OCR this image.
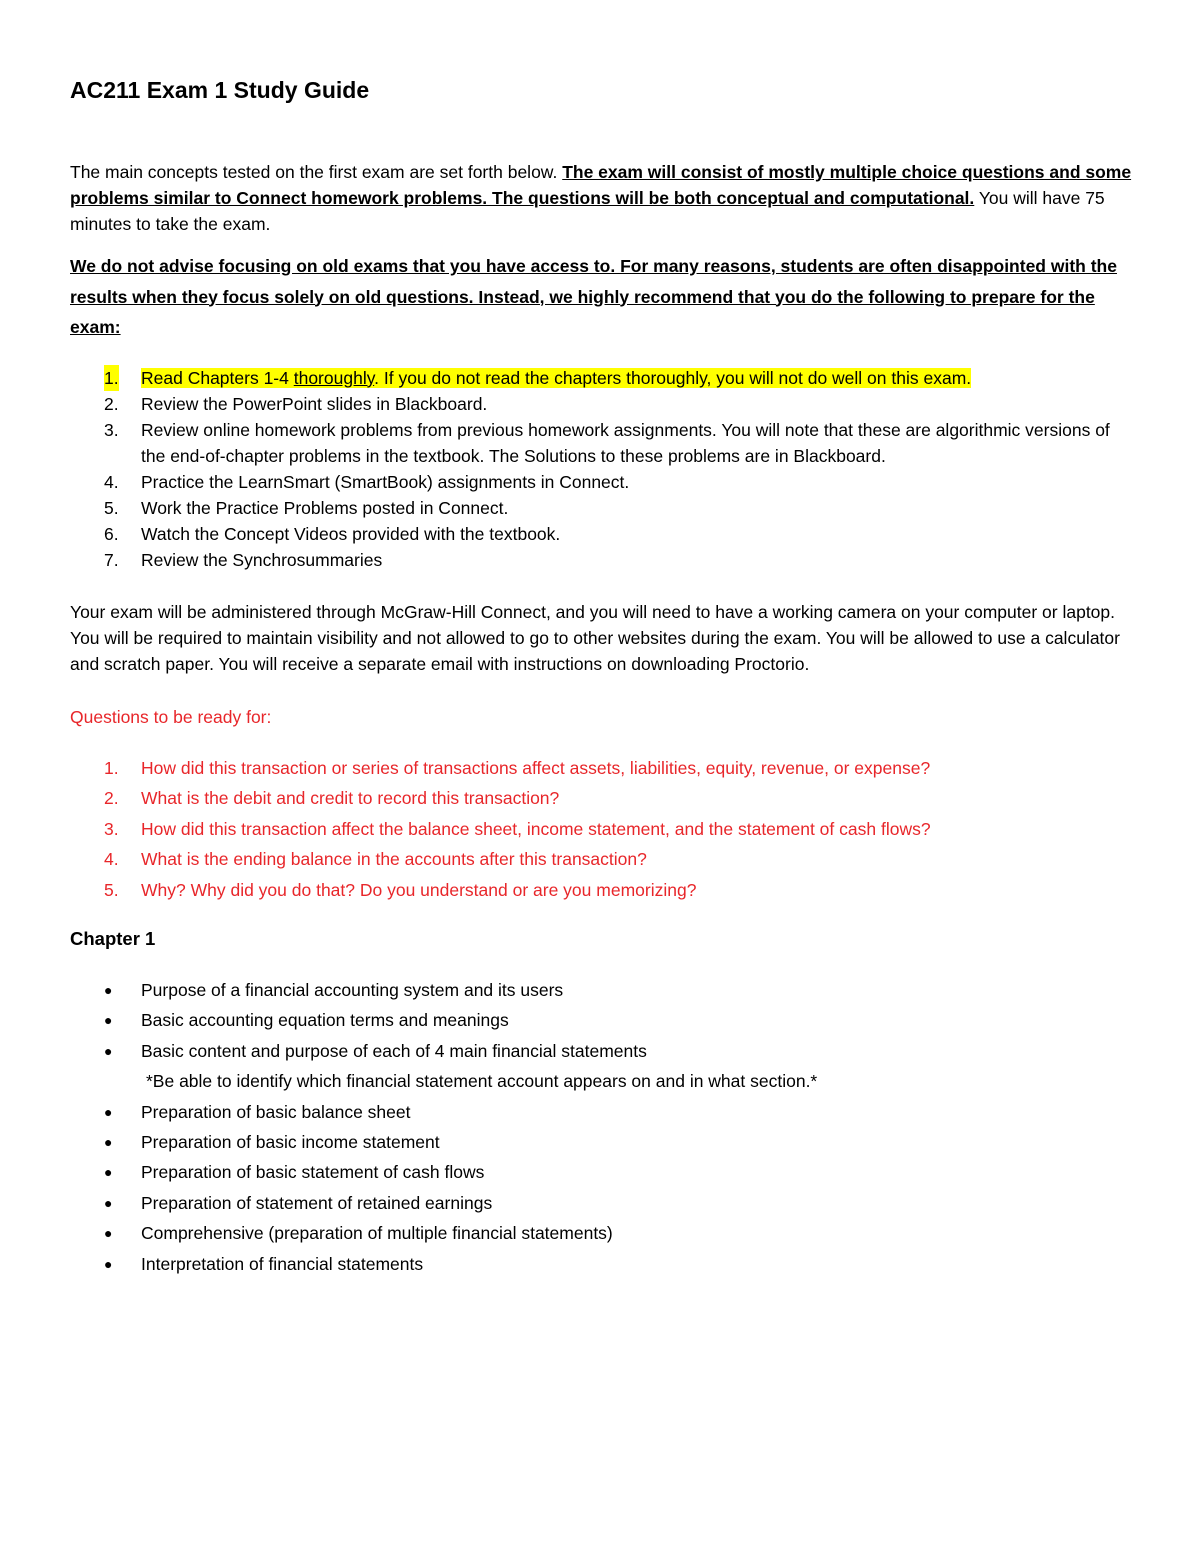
AC211 Exam 1 Study Guide

The main concepts tested on the first exam are set forth below. The exam will consist of mostly multiple choice questions and some problems similar to Connect homework problems. The questions will be both conceptual and computational. You will have 75 minutes to take the exam.

We do not advise focusing on old exams that you have access to. For many reasons, students are often disappointed with the results when they focus solely on old questions. Instead, we highly recommend that you do the following to prepare for the exam:

1. Read Chapters 1-4 thoroughly. If you do not read the chapters thoroughly, you will not do well on this exam.
2. Review the PowerPoint slides in Blackboard.
3. Review online homework problems from previous homework assignments. You will note that these are algorithmic versions of the end-of-chapter problems in the textbook. The Solutions to these problems are in Blackboard.
4. Practice the LearnSmart (SmartBook) assignments in Connect.
5. Work the Practice Problems posted in Connect.
6. Watch the Concept Videos provided with the textbook.
7. Review the Synchrosummaries

Your exam will be administered through McGraw-Hill Connect, and you will need to have a working camera on your computer or laptop. You will be required to maintain visibility and not allowed to go to other websites during the exam. You will be allowed to use a calculator and scratch paper. You will receive a separate email with instructions on downloading Proctorio.

Questions to be ready for:

1. How did this transaction or series of transactions affect assets, liabilities, equity, revenue, or expense?
2. What is the debit and credit to record this transaction?
3. How did this transaction affect the balance sheet, income statement, and the statement of cash flows?
4. What is the ending balance in the accounts after this transaction?
5. Why? Why did you do that? Do you understand or are you memorizing?

Chapter 1

● Purpose of a financial accounting system and its users
● Basic accounting equation terms and meanings
● Basic content and purpose of each of 4 main financial statements
*Be able to identify which financial statement account appears on and in what section.*
● Preparation of basic balance sheet
● Preparation of basic income statement
● Preparation of basic statement of cash flows
● Preparation of statement of retained earnings
● Comprehensive (preparation of multiple financial statements)
● Interpretation of financial statements
